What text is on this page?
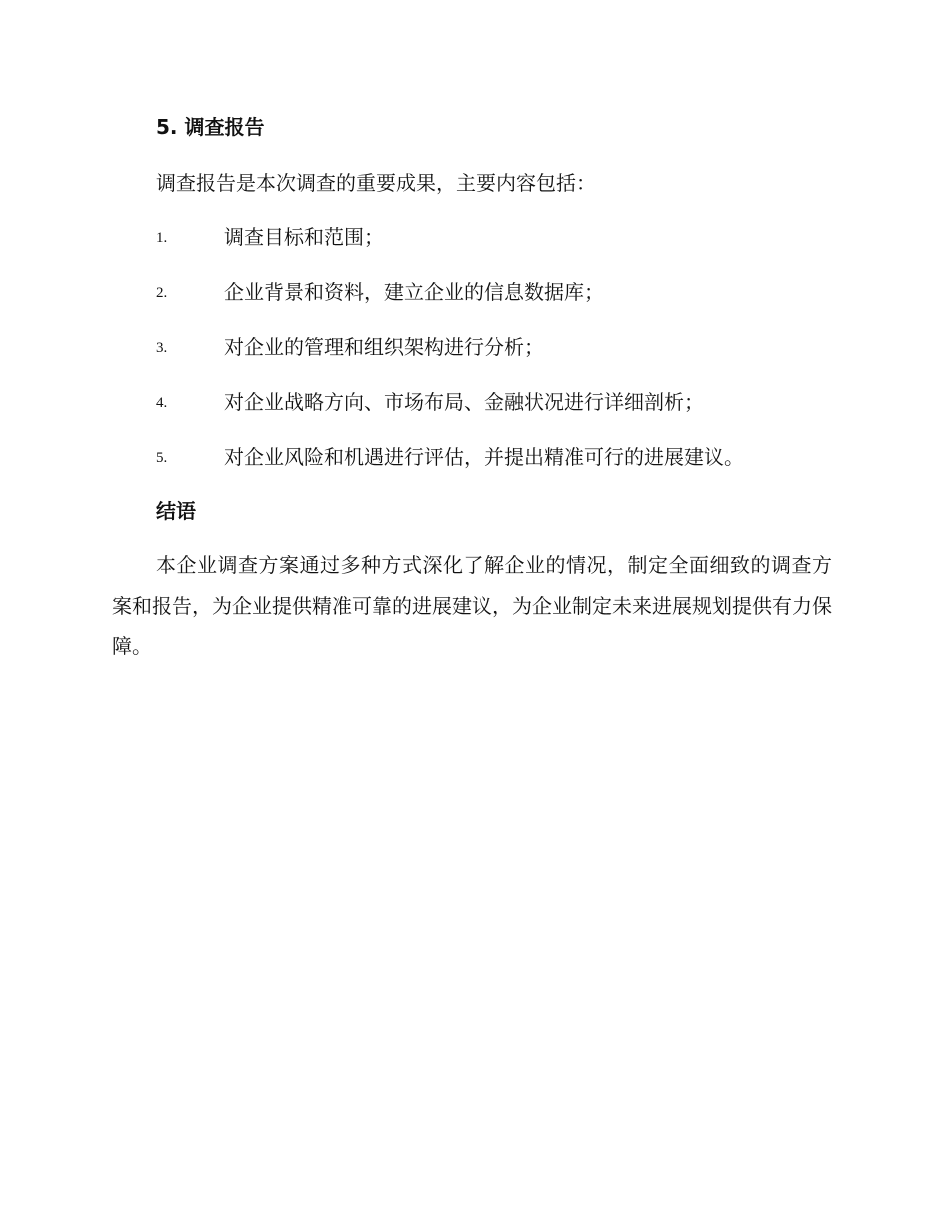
5. 调查报告
调查报告是本次调查的重要成果，主要内容包括：
1.	调查目标和范围；
2.	企业背景和资料，建立企业的信息数据库；
3.	对企业的管理和组织架构进行分析；
4.	对企业战略方向、市场布局、金融状况进行详细剖析；
5.	对企业风险和机遇进行评估，并提出精准可行的进展建议。
结语
本企业调查方案通过多种方式深化了解企业的情况，制定全面细致的调查方案和报告，为企业提供精准可靠的进展建议，为企业制定未来进展规划提供有力保障。
